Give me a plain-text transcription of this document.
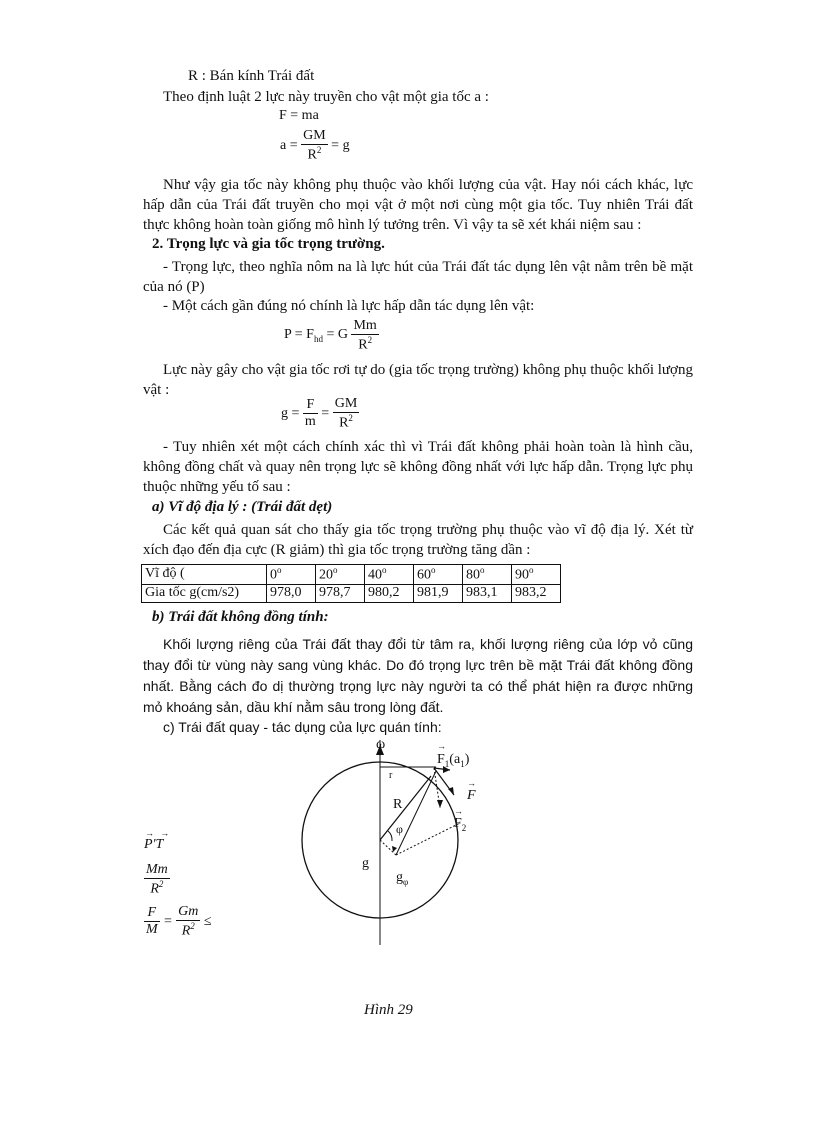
R : Bán kính Trái đất
Theo định luật 2 lực này truyền cho vật một gia tốc a :
F = ma
$a = \frac{GM}{R^2} = g$
Như vậy gia tốc này không phụ thuộc vào khối lượng của vật. Hay nói cách khác, lực hấp dẫn của Trái đất truyền cho mọi vật ở một nơi cùng một gia tốc. Tuy nhiên Trái đất thực không hoàn toàn giống mô hình lý tưởng trên. Vì vậy ta sẽ xét khái niệm sau :
2. Trọng lực và gia tốc trọng trường.
- Trọng lực, theo nghĩa nôm na là lực hút của Trái đất tác dụng lên vật nằm trên bề mặt của nó (P)
- Một cách gần đúng nó chính là lực hấp dẫn tác dụng lên vật:
$P = F_{hd} = G \frac{Mm}{R^2}$
Lực này gây cho vật gia tốc rơi tự do (gia tốc trọng trường) không phụ thuộc khối lượng vật :
$g = \frac{F}{m} = \frac{GM}{R^2}$
- Tuy nhiên xét một cách chính xác thì vì Trái đất không phải hoàn toàn là hình cầu, không đồng chất và quay nên trọng lực sẽ không đồng nhất với lực hấp dẫn. Trọng lực phụ thuộc những yếu tố sau :
a) Vĩ độ địa lý : (Trái đất dẹt)
Các kết quả quan sát cho thấy gia tốc trọng trường phụ thuộc vào vĩ độ địa lý. Xét từ xích đạo đến địa cực (R giảm) thì gia tốc trọng trường tăng dần :
Vĩ độ (	0$^o$	20$^o$	40$^o$	60$^o$	80$^o$	90$^o$
Gia tốc g(cm/s2)	978,0	978,7	980,2	981,9	983,1	983,2
b) Trái đất không đồng tính:
Khối lượng riêng của Trái đất thay đổi từ tâm ra, khối lượng riêng của lớp vỏ cũng thay đổi từ vùng này sang vùng khác. Do đó trọng lực trên bề mặt Trái đất không đồng nhất. Bằng cách đo dị thường trọng lực này người ta có thể phát hiện ra được những mỏ khoáng sản, dầu khí nằm sâu trong lòng đất.
c) Trái đất quay - tác dụng của lực quán tính:
ω	→
$F_1(a_1)$
→
F
→
$F_2$
r
R
φ
g
$g_\varphi$
→ →
P'T
$\frac{Mm}{R^2}$
$\frac{F}{M} = \frac{Gm}{R^2}$ ≤
Hình 29
